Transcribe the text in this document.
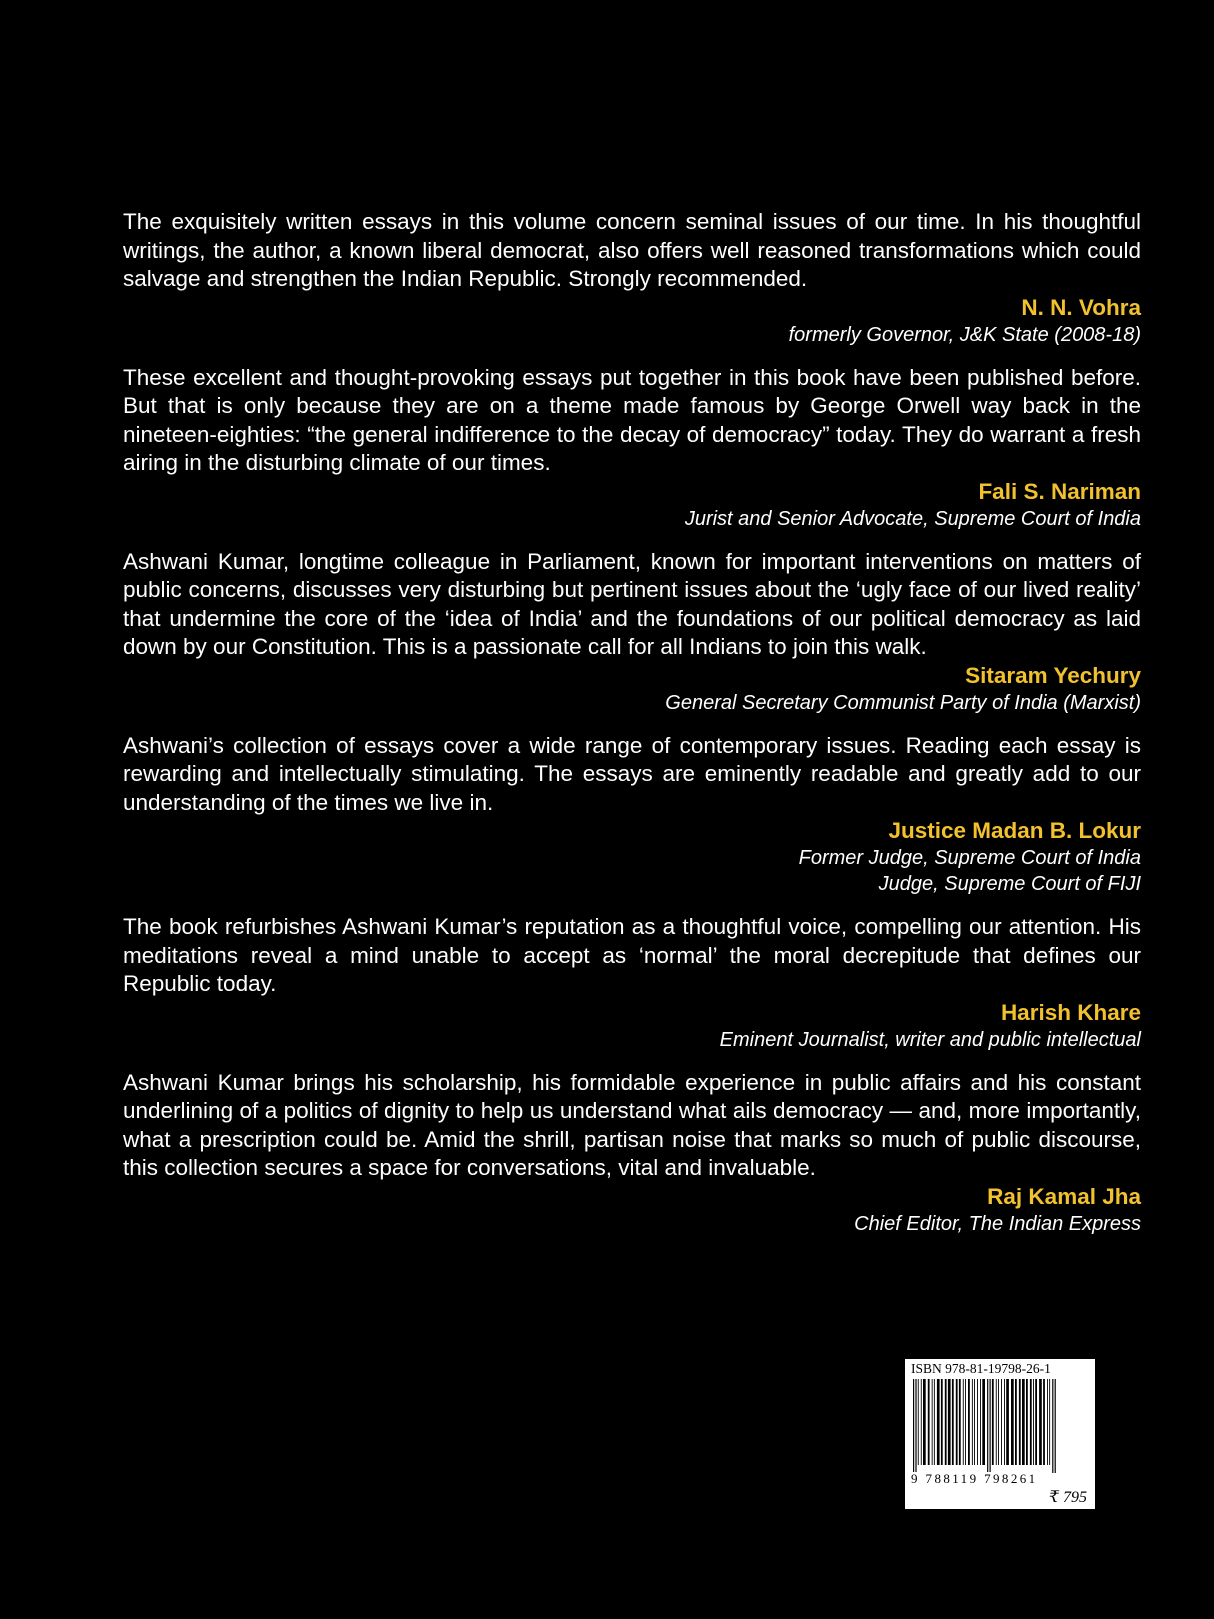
The exquisitely written essays in this volume concern seminal issues of our time. In his thoughtful writings, the author, a known liberal democrat, also offers well reasoned transformations which could salvage and strengthen the Indian Republic. Strongly recommended.

N. N. Vohra

formerly Governor, J&K State (2008-18)

These excellent and thought-provoking essays put together in this book have been published before. But that is only because they are on a theme made famous by George Orwell way back in the nineteen-eighties: “the general indifference to the decay of democracy” today. They do warrant a fresh airing in the disturbing climate of our times.

Fali S. Nariman

Jurist and Senior Advocate, Supreme Court of India

Ashwani Kumar, longtime colleague in Parliament, known for important interventions on matters of public concerns, discusses very disturbing but pertinent issues about the ‘ugly face of our lived reality’ that undermine the core of the ‘idea of India’ and the foundations of our political democracy as laid down by our Constitution. This is a passionate call for all Indians to join this walk.

Sitaram Yechury

General Secretary Communist Party of India (Marxist)

Ashwani’s collection of essays cover a wide range of contemporary issues. Reading each essay is rewarding and intellectually stimulating. The essays are eminently readable and greatly add to our understanding of the times we live in.

Justice Madan B. Lokur

Former Judge, Supreme Court of India

Judge, Supreme Court of FIJI

The book refurbishes Ashwani Kumar’s reputation as a thoughtful voice, compelling our attention. His meditations reveal a mind unable to accept as ‘normal’ the moral decrepitude that defines our Republic today.

Harish Khare

Eminent Journalist, writer and public intellectual

Ashwani Kumar brings his scholarship, his formidable experience in public affairs and his constant underlining of a politics of dignity to help us understand what ails democracy — and, more importantly, what a prescription could be. Amid the shrill, partisan noise that marks so much of public discourse, this collection secures a space for conversations, vital and invaluable.

Raj Kamal Jha

Chief Editor, The Indian Express

ISBN 978-81-19798-26-1
9 788119 798261
₹ 795
